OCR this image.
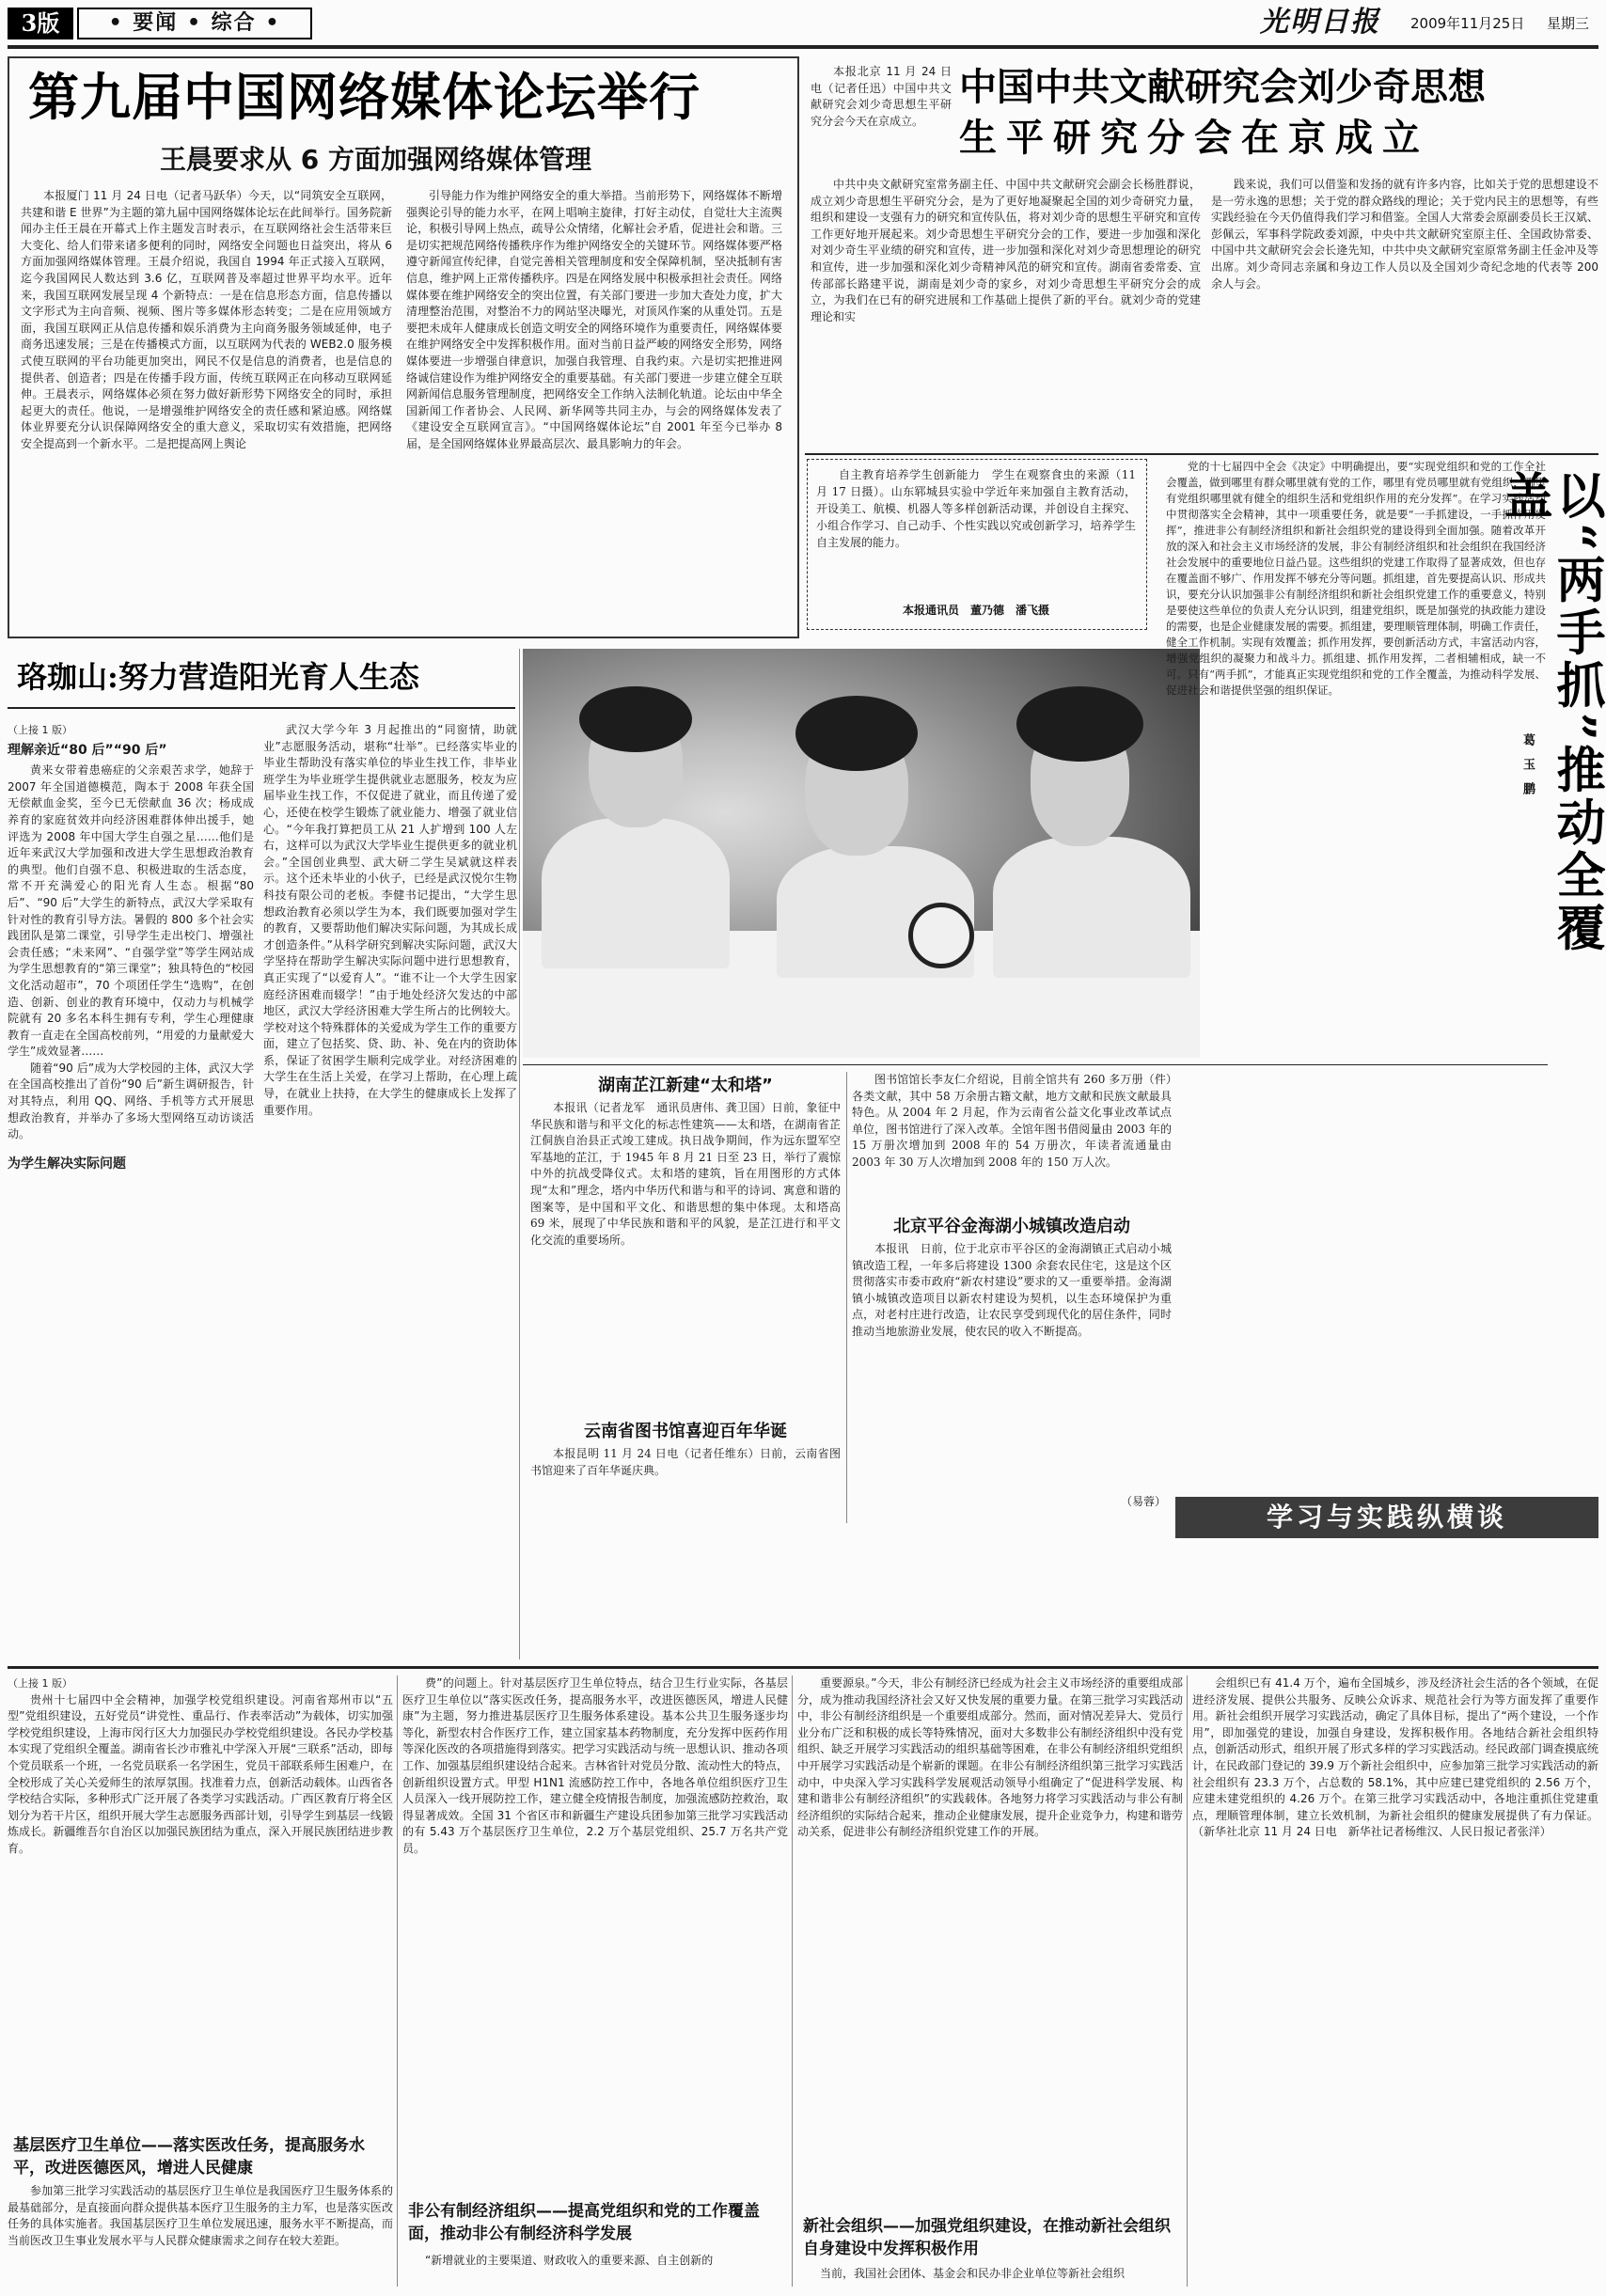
3版	• 要闻 • 综合 •	光明日报	2009年11月25日	星期三
第九届中国网络媒体论坛举行
王晨要求从 6 方面加强网络媒体管理

本报厦门 11 月 24 日电（记者马跃华）今天，以“同筑安全互联网，共建和谐 E 世界”为主题的第九届中国网络媒体论坛在此间举行。国务院新闻办主任王晨在开幕式上作主题发言时表示，在互联网络社会生活带来巨大变化、给人们带来诸多便利的同时，网络安全问题也日益突出，将从 6 方面加强网络媒体管理。王晨介绍说，我国自 1994 年正式接入互联网，迄今我国网民人数达到 3.6 亿，互联网普及率超过世界平均水平。近年来，我国互联网发展呈现 4 个新特点：一是在信息形态方面，信息传播以文字形式为主向音频、视频、图片等多媒体形态转变；二是在应用领域方面，我国互联网正从信息传播和娱乐消费为主向商务服务领域延伸，电子商务迅速发展；三是在传播模式方面，以互联网为代表的 WEB2.0 服务模式使互联网的平台功能更加突出，网民不仅是信息的消费者，也是信息的提供者、创造者；四是在传播手段方面，传统互联网正在向移动互联网延伸。王晨表示，网络媒体必须在努力做好新形势下网络安全的同时，承担起更大的责任。他说，一是增强维护网络安全的责任感和紧迫感。网络媒体业界要充分认识保障网络安全的重大意义，采取切实有效措施，把网络安全提高到一个新水平。二是把提高网上舆论

引导能力作为维护网络安全的重大举措。当前形势下，网络媒体不断增强舆论引导的能力水平，在网上唱响主旋律，打好主动仗，自觉壮大主流舆论，积极引导网上热点，疏导公众情绪，化解社会矛盾，促进社会和谐。三是切实把规范网络传播秩序作为维护网络安全的关键环节。网络媒体要严格遵守新闻宣传纪律，自觉完善相关管理制度和安全保障机制，坚决抵制有害信息，维护网上正常传播秩序。四是在网络发展中积极承担社会责任。网络媒体要在维护网络安全的突出位置，有关部门要进一步加大查处力度，扩大清理整治范围，对整治不力的网站坚决曝光，对顶风作案的从重处罚。五是要把未成年人健康成长创造文明安全的网络环境作为重要责任，网络媒体要在维护网络安全中发挥积极作用。面对当前日益严峻的网络安全形势，网络媒体要进一步增强自律意识，加强自我管理、自我约束。六是切实把推进网络诚信建设作为维护网络安全的重要基础。有关部门要进一步建立健全互联网新闻信息服务管理制度，把网络安全工作纳入法制化轨道。论坛由中华全国新闻工作者协会、人民网、新华网等共同主办，与会的网络媒体发表了《建设安全互联网宣言》。“中国网络媒体论坛”自 2001 年至今已举办 8 届，是全国网络媒体业界最高层次、最具影响力的年会。

本报北京 11 月 24 日电（记者任迅）中国中共文献研究会刘少奇思想生平研究分会今天在京成立。

中国中共文献研究会刘少奇思想
生平研究分会在京成立

中共中央文献研究室常务副主任、中国中共文献研究会副会长杨胜群说，成立刘少奇思想生平研究分会，是为了更好地凝聚起全国的刘少奇研究力量，组织和建设一支强有力的研究和宣传队伍，将对刘少奇的思想生平研究和宣传工作更好地开展起来。刘少奇思想生平研究分会的工作，要进一步加强和深化对刘少奇生平业绩的研究和宣传，进一步加强和深化对刘少奇思想理论的研究和宣传，进一步加强和深化刘少奇精神风范的研究和宣传。湖南省委常委、宣传部部长路建平说，湖南是刘少奇的家乡，对刘少奇思想生平研究分会的成立，为我们在已有的研究进展和工作基础上提供了新的平台。就刘少奇的党建理论和实

践来说，我们可以借鉴和发扬的就有许多内容，比如关于党的思想建设不是一劳永逸的思想；关于党的群众路线的理论；关于党内民主的思想等，有些实践经验在今天仍值得我们学习和借鉴。全国人大常委会原副委员长王汉斌、彭佩云，军事科学院政委刘源，中央中共文献研究室原主任、全国政协常委、中国中共文献研究会会长逄先知，中共中央文献研究室原常务副主任金冲及等出席。刘少奇同志亲属和身边工作人员以及全国刘少奇纪念地的代表等 200 余人与会。

自主教育培养学生创新能力　学生在观察食虫的来源（11 月 17 日摄）。山东郓城县实验中学近年来加强自主教育活动，开设美工、航模、机器人等多样创新活动课，并创设自主探究、小组合作学习、自己动手、个性实践以究或创新学习，培养学生自主发展的能力。

本报通讯员　董乃德　潘飞摄
珞珈山:努力营造阳光育人生态
（上接 1 版）
理解亲近“80 后”“90 后”

黄来女带着患癌症的父亲艰苦求学，她辞于 2007 年全国道德模范，陶本于 2008 年获全国无偿献血金奖，至今已无偿献血 36 次；杨成成养育的家庭贫效并向经济困难群体伸出援手，她评选为 2008 年中国大学生自强之星……他们是近年来武汉大学加强和改进大学生思想政治教育的典型。他们自强不息、积极进取的生活态度，常不开充满爱心的阳光育人生态。根据“80 后”、“90 后”大学生的新特点，武汉大学采取有针对性的教育引导方法。暑假的 800 多个社会实践团队是第二课堂，引导学生走出校门、增强社会责任感；“未来网”、“自强学堂”等学生网站成为学生思想教育的“第三课堂”；独具特色的“校园文化活动超市”，70 个项团任学生“选购”，在创造、创新、创业的教育环境中，仅动力与机械学院就有 20 多名本科生拥有专利，学生心理健康教育一直走在全国高校前列，“用爱的力量献爱大学生”成效显著……

随着“90 后”成为大学校园的主体，武汉大学在全国高校推出了首份“90 后”新生调研报告，针对其特点，利用 QQ、网络、手机等方式开展思想政治教育，并举办了多场大型网络互动访谈活动。

为学生解决实际问题

武汉大学今年 3 月起推出的“同窗情，助就业”志愿服务活动，堪称“壮举”。已经落实毕业的毕业生帮助没有落实单位的毕业生找工作，非毕业班学生为毕业班学生提供就业志愿服务，校友为应届毕业生找工作，不仅促进了就业，而且传递了爱心，还使在校学生锻炼了就业能力、增强了就业信心。“今年我打算把员工从 21 人扩增到 100 人左右，这样可以为武汉大学毕业生提供更多的就业机会。”全国创业典型、武大研二学生吴斌就这样表示。这个还未毕业的小伙子，已经是武汉悦尔生物科技有限公司的老板。李健书记提出，“大学生思想政治教育必须以学生为本，我们既要加强对学生的教育，又要帮助他们解决实际问题，为其成长成才创造条件。”从科学研究到解决实际问题，武汉大学坚持在帮助学生解决实际问题中进行思想教育，真正实现了“以爱育人”。“谁不让一个大学生因家庭经济困难而辍学！”由于地处经济欠发达的中部地区，武汉大学经济困难大学生所占的比例较大。学校对这个特殊群体的关爱成为学生工作的重要方面，建立了包括奖、贷、助、补、免在内的资助体系，保证了贫困学生顺利完成学业。对经济困难的大学生在生活上关爱，在学习上帮助，在心理上疏导，在就业上扶持，在大学生的健康成长上发挥了重要作用。

湖南芷江新建“太和塔”

本报讯（记者龙军　通讯员唐伟、龚卫国）日前，象征中华民族和谐与和平文化的标志性建筑——太和塔，在湖南省芷江侗族自治县正式竣工建成。执日战争期间，作为远东盟军空军基地的芷江，于 1945 年 8 月 21 日至 23 日，举行了震惊中外的抗战受降仪式。太和塔的建筑，旨在用图形的方式体现“太和”理念，塔内中华历代和谐与和平的诗词、寓意和谐的图案等，是中国和平文化、和谐思想的集中体现。太和塔高 69 米，展现了中华民族和谐和平的风貌，是芷江进行和平文化交流的重要场所。

云南省图书馆喜迎百年华诞

本报昆明 11 月 24 日电（记者任维东）日前，云南省图书馆迎来了百年华诞庆典。

图书馆馆长李友仁介绍说，目前全馆共有 260 多万册（件）各类文献，其中 58 万余册古籍文献，地方文献和民族文献最具特色。从 2004 年 2 月起，作为云南省公益文化事业改革试点单位，图书馆进行了深入改革。全馆年图书借阅量由 2003 年的 15 万册次增加到 2008 年的 54 万册次，年读者流通量由 2003 年 30 万人次增加到 2008 年的 150 万人次。

北京平谷金海湖小城镇改造启动

本报讯　日前，位于北京市平谷区的金海湖镇正式启动小城镇改造工程，一年多后将建设 1300 余套农民住宅，这是这个区贯彻落实市委市政府“新农村建设”要求的又一重要举措。金海湖镇小城镇改造项目以新农村建设为契机，以生态环境保护为重点，对老村庄进行改造，让农民享受到现代化的居住条件，同时推动当地旅游业发展，使农民的收入不断提高。

（易蓉）

党的十七届四中全会《决定》中明确提出，要“实现党组织和党的工作全社会覆盖，做到哪里有群众哪里就有党的工作，哪里有党员哪里就有党组织，哪里有党组织哪里就有健全的组织生活和党组织作用的充分发挥”。在学习实践活动中贯彻落实全会精神，其中一项重要任务，就是要“一手抓建设，一手抓作用发挥”，推进非公有制经济组织和新社会组织党的建设得到全面加强。随着改革开放的深入和社会主义市场经济的发展，非公有制经济组织和社会组织在我国经济社会发展中的重要地位日益凸显。这些组织的党建工作取得了显著成效，但也存在覆盖面不够广、作用发挥不够充分等问题。抓组建，首先要提高认识、形成共识，要充分认识加强非公有制经济组织和新社会组织党建工作的重要意义，特别是要使这些单位的负责人充分认识到，组建党组织，既是加强党的执政能力建设的需要，也是企业健康发展的需要。抓组建，要理顺管理体制，明确工作责任，健全工作机制。实现有效覆盖；抓作用发挥，要创新活动方式，丰富活动内容，增强党组织的凝聚力和战斗力。抓组建、抓作用发挥，二者相辅相成，缺一不可。只有“两手抓”，才能真正实现党组织和党的工作全覆盖，为推动科学发展、促进社会和谐提供坚强的组织保证。	以“两手抓”推动全覆盖
葛　玉　鹏
学习与实践纵横谈
（上接 1 版）

贵州十七届四中全会精神，加强学校党组织建设。河南省郑州市以“五型”党组织建设，五好党员“讲党性、重品行、作表率活动”为载体，切实加强学校党组织建设，上海市闵行区大力加强民办学校党组织建设。各民办学校基本实现了党组织全覆盖。湖南省长沙市雅礼中学深入开展“三联系”活动，即每个党员联系一个班，一名党员联系一名学困生，党员干部联系师生困难户，在全校形成了关心关爱师生的浓厚氛围。找准着力点，创新活动载体。山西省各学校结合实际，多种形式广泛开展了各类学习实践活动。广西区教育厅将全区划分为若干片区，组织开展大学生志愿服务西部计划，引导学生到基层一线锻炼成长。新疆维吾尔自治区以加强民族团结为重点，深入开展民族团结进步教育。

基层医疗卫生单位——落实医改任务，提高服务水平，改进医德医风，增进人民健康

参加第三批学习实践活动的基层医疗卫生单位是我国医疗卫生服务体系的最基础部分，是直接面向群众提供基本医疗卫生服务的主力军，也是落实医改任务的具体实施者。我国基层医疗卫生单位发展迅速，服务水平不断提高，而当前医改卫生事业发展水平与人民群众健康需求之间存在较大差距。

费”的问题上。针对基层医疗卫生单位特点，结合卫生行业实际，各基层医疗卫生单位以“落实医改任务，提高服务水平，改进医德医风，增进人民健康”为主题，努力推进基层医疗卫生服务体系建设。基本公共卫生服务逐步均等化，新型农村合作医疗工作，建立国家基本药物制度，充分发挥中医药作用等深化医改的各项措施得到落实。把学习实践活动与统一思想认识、推动各项工作、加强基层组织建设结合起来。吉林省针对党员分散、流动性大的特点，创新组织设置方式。甲型 H1N1 流感防控工作中，各地各单位组织医疗卫生人员深入一线开展防控工作，建立健全疫情报告制度，加强流感防控救治，取得显著成效。全国 31 个省区市和新疆生产建设兵团参加第三批学习实践活动的有 5.43 万个基层医疗卫生单位，2.2 万个基层党组织、25.7 万名共产党员。

非公有制经济组织——提高党组织和党的工作覆盖面，推动非公有制经济科学发展

“新增就业的主要渠道、财政收入的重要来源、自主创新的

重要源泉。”今天，非公有制经济已经成为社会主义市场经济的重要组成部分，成为推动我国经济社会又好又快发展的重要力量。在第三批学习实践活动中，非公有制经济组织是一个重要组成部分。然而，面对情况差异大、党员行业分布广泛和积极的成长等特殊情况，面对大多数非公有制经济组织中没有党组织、缺乏开展学习实践活动的组织基础等困难，在非公有制经济组织党组织中开展学习实践活动是个崭新的课题。在非公有制经济组织第三批学习实践活动中，中央深入学习实践科学发展观活动领导小组确定了“促进科学发展、构建和谐非公有制经济组织”的实践载体。各地努力将学习实践活动与非公有制经济组织的实际结合起来，推动企业健康发展，提升企业竞争力，构建和谐劳动关系，促进非公有制经济组织党建工作的开展。

新社会组织——加强党组织建设，在推动新社会组织自身建设中发挥积极作用

当前，我国社会团体、基金会和民办非企业单位等新社会组织

会组织已有 41.4 万个，遍布全国城乡，涉及经济社会生活的各个领域，在促进经济发展、提供公共服务、反映公众诉求、规范社会行为等方面发挥了重要作用。新社会组织开展学习实践活动，确定了具体目标，提出了“两个建设，一个作用”，即加强党的建设，加强自身建设，发挥积极作用。各地结合新社会组织特点，创新活动形式，组织开展了形式多样的学习实践活动。经民政部门调查摸底统计，在民政部门登记的 39.9 万个新社会组织中，应参加第三批学习实践活动的新社会组织有 23.3 万个，占总数的 58.1%，其中应建已建党组织的 2.56 万个，应建未建党组织的 4.26 万个。在第三批学习实践活动中，各地注重抓住党建重点，理顺管理体制，建立长效机制，为新社会组织的健康发展提供了有力保证。（新华社北京 11 月 24 日电　新华社记者杨维汉、人民日报记者张洋）
